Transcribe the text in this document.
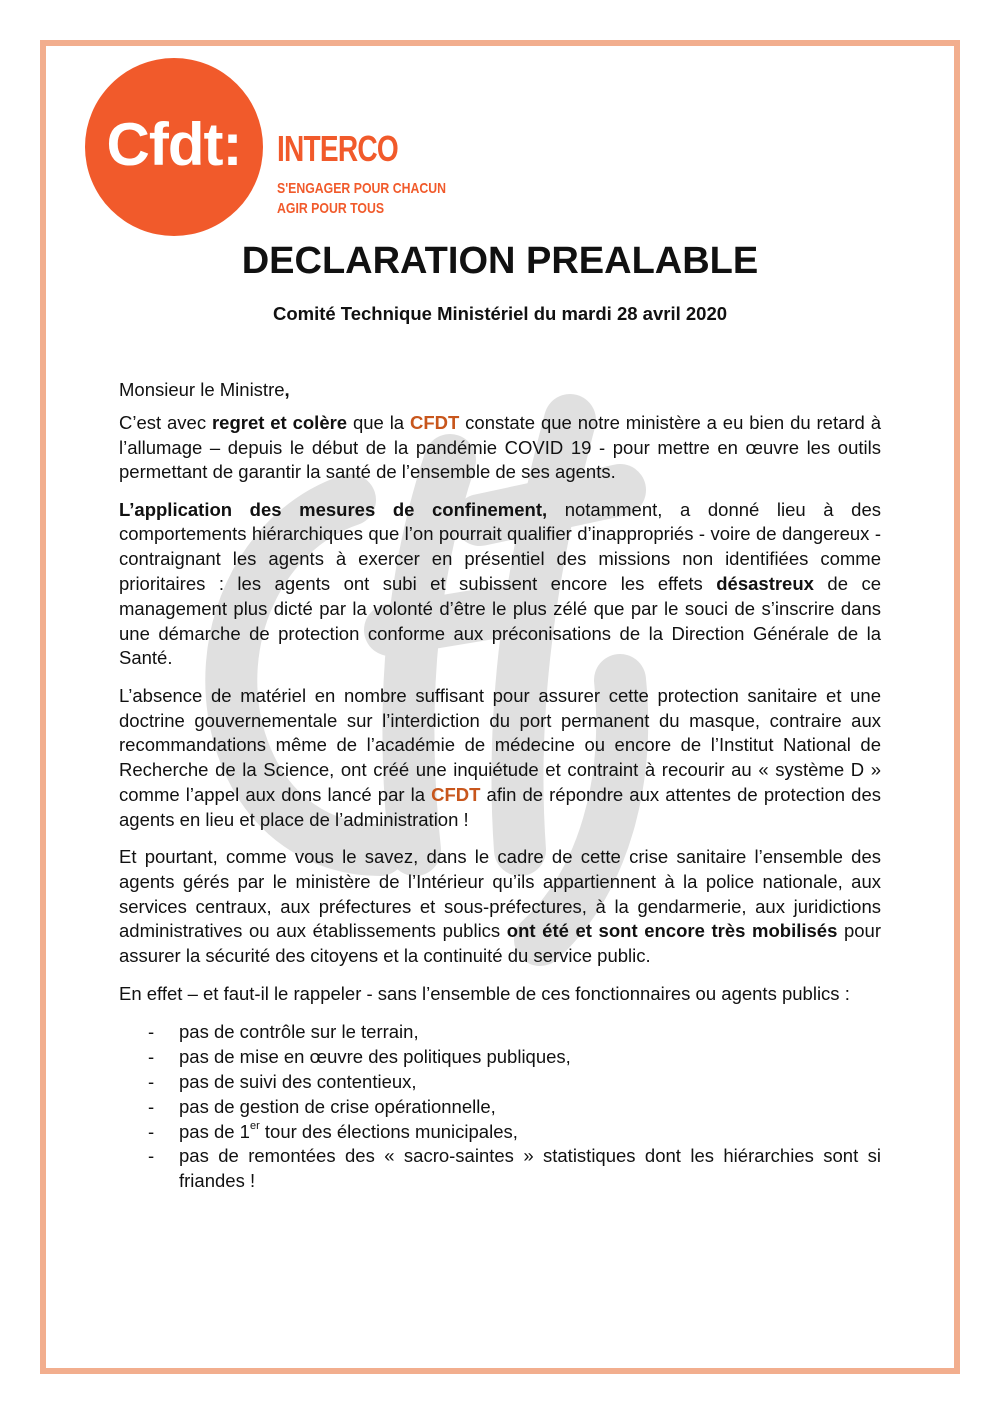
Cfdt: INTERCO
S'ENGAGER POUR CHACUN
AGIR POUR TOUS
DECLARATION PREALABLE
Comité Technique Ministériel du mardi 28 avril 2020

Monsieur le Ministre,

C’est avec regret et colère que la CFDT constate que notre ministère a eu bien du retard à l’allumage – depuis le début de la pandémie COVID 19 - pour mettre en œuvre les outils permettant de garantir la santé de l’ensemble de ses agents.

L’application des mesures de confinement, notamment, a donné lieu à des comportements hiérarchiques que l’on pourrait qualifier d’inappropriés - voire de dangereux - contraignant les agents à exercer en présentiel des missions non identifiées comme prioritaires : les agents ont subi et subissent encore les effets désastreux de ce management plus dicté par la volonté d’être le plus zélé que par le souci de s’inscrire dans une démarche de protection conforme aux préconisations de la Direction Générale de la Santé.

L’absence de matériel en nombre suffisant pour assurer cette protection sanitaire et une doctrine gouvernementale sur l’interdiction du port permanent du masque, contraire aux recommandations même de l’académie de médecine ou encore de l’Institut National de Recherche de la Science, ont créé une inquiétude et contraint à recourir au « système D » comme l’appel aux dons lancé par la CFDT afin de répondre aux attentes de protection des agents en lieu et place de l’administration !

Et pourtant, comme vous le savez, dans le cadre de cette crise sanitaire l’ensemble des agents gérés par le ministère de l’Intérieur qu’ils appartiennent à la police nationale, aux services centraux, aux préfectures et sous-préfectures, à la gendarmerie, aux juridictions administratives ou aux établissements publics ont été et sont encore très mobilisés pour assurer la sécurité des citoyens et la continuité du service public.

En effet – et faut-il le rappeler - sans l’ensemble de ces fonctionnaires ou agents publics :

- pas de contrôle sur le terrain,
- pas de mise en œuvre des politiques publiques,
- pas de suivi des contentieux,
- pas de gestion de crise opérationnelle,
- pas de 1er tour des élections municipales,
- pas de remontées des « sacro-saintes » statistiques dont les hiérarchies sont si friandes !
